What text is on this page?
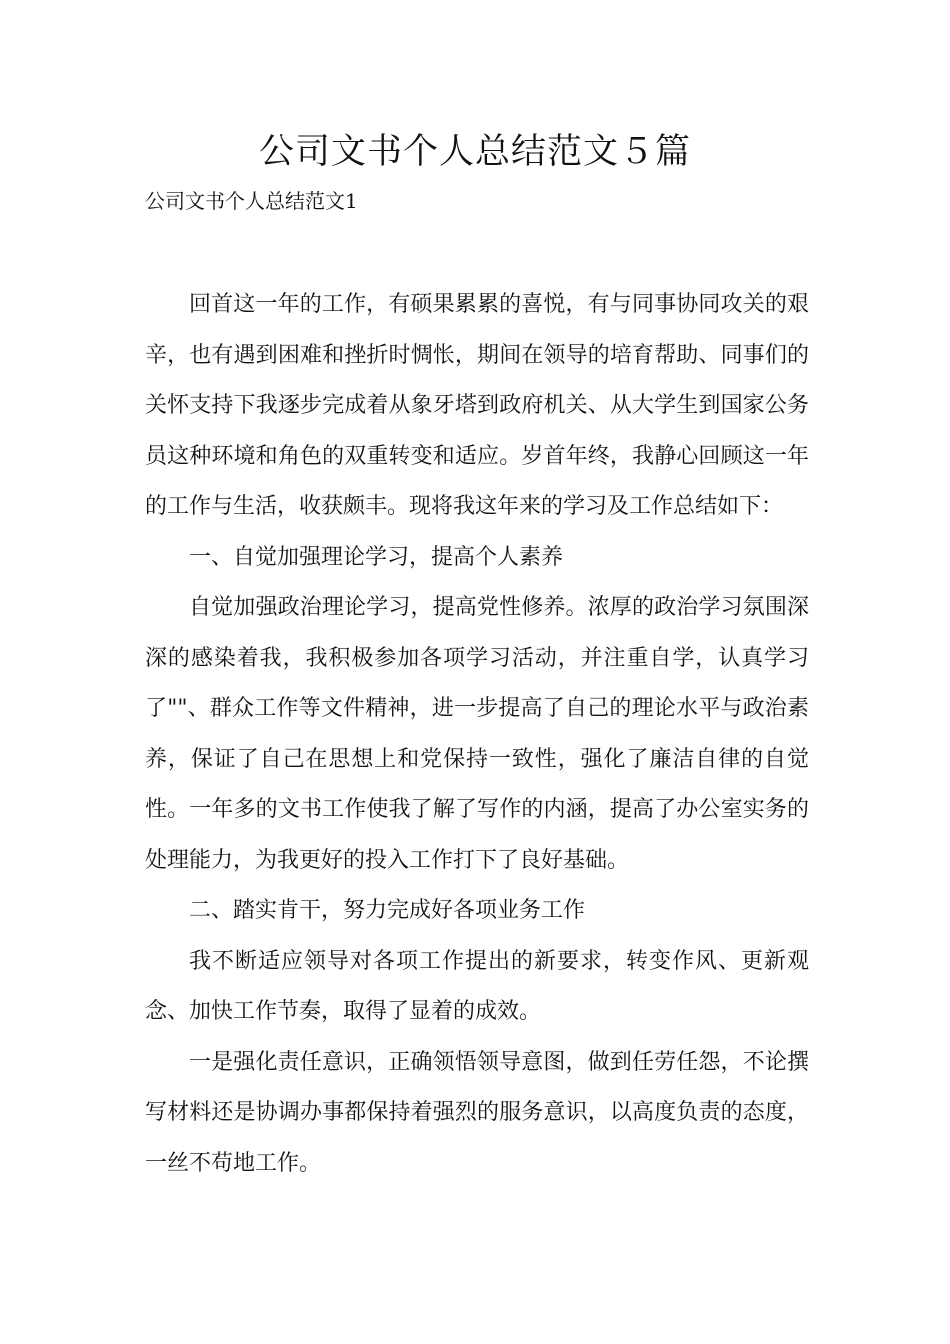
公司文书个人总结范文５篇

公司文书个人总结范文1

回首这一年的工作，有硕果累累的喜悦，有与同事协同攻关的艰辛，也有遇到困难和挫折时惆怅，期间在领导的培育帮助、同事们的关怀支持下我逐步完成着从象牙塔到政府机关、从大学生到国家公务员这种环境和角色的双重转变和适应。岁首年终，我静心回顾这一年的工作与生活，收获颇丰。现将我这年来的学习及工作总结如下：

一、自觉加强理论学习，提高个人素养

自觉加强政治理论学习，提高党性修养。浓厚的政治学习氛围深深的感染着我，我积极参加各项学习活动，并注重自学，认真学习了""、群众工作等文件精神，进一步提高了自己的理论水平与政治素养，保证了自己在思想上和党保持一致性，强化了廉洁自律的自觉性。一年多的文书工作使我了解了写作的内涵，提高了办公室实务的处理能力，为我更好的投入工作打下了良好基础。

二、踏实肯干，努力完成好各项业务工作

我不断适应领导对各项工作提出的新要求，转变作风、更新观念、加快工作节奏，取得了显着的成效。

一是强化责任意识，正确领悟领导意图，做到任劳任怨，不论撰写材料还是协调办事都保持着强烈的服务意识，以高度负责的态度，一丝不苟地工作。
